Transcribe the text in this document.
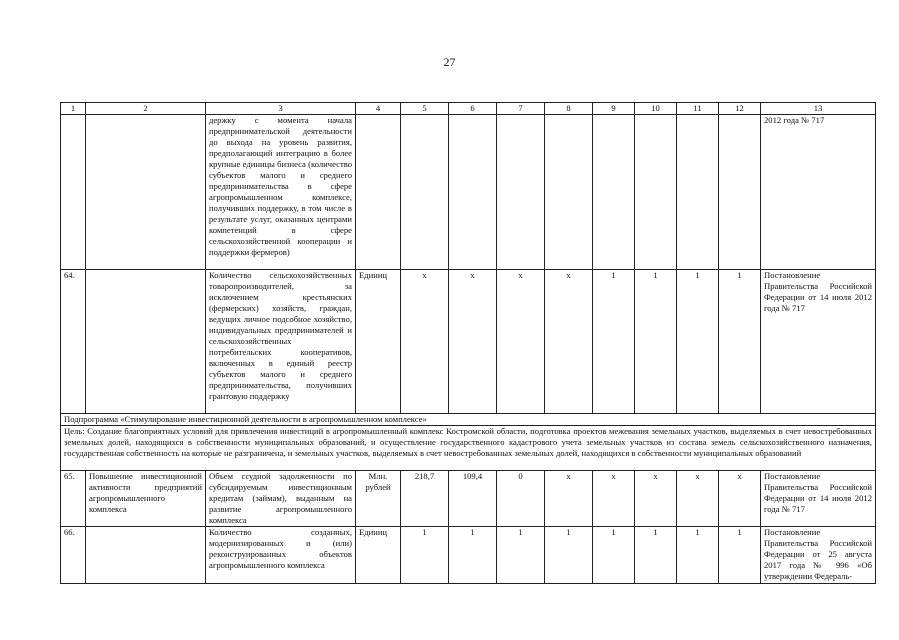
27
1	2	3	4	5	6	7	8	9	10	11	12	13
		держку с момента начала предпринимательской деятельности до выхода на уровень развития, предполагающий интеграцию в более крупные единицы бизнеса (количество субъектов малого и среднего предпринимательства в сфере агропромышленном комплексе, получивших поддержку, в том числе в результате услуг, оказанных центрами компетенций в сфере сельскохозяйственной кооперации и поддержки фермеров)										2012 года № 717
64.		Количество сельскохозяйственных товаропроизводителей, за исключением крестьянских (фермерских) хозяйств, граждан, ведущих личное подсобное хозяйство, индивидуальных предпринимателей и сельскохозяйственных потребительских кооперативов, включенных в единый реестр субъектов малого и среднего предпринимательства, получивших грантовую поддержку	Единиц	х	х	х	х	1	1	1	1	Постановление Правительства Российской Федерации от 14 июля 2012 года № 717
Подпрограмма «Стимулирование инвестиционной деятельности в агропромышленном комплексе»												
Цель: Создание благоприятных условий для привлечения инвестиций в агропромышленный комплекс Костромской области, подготовка проектов межевания земельных участков, выделяемых в счет невостребованных земельных долей, находящихся в собственности муниципальных образований, и осуществление государственного кадастрового учета земельных участков из состава земель сельскохозяйственного назначения, государственная собственность на которые не разграничена, и земельных участков, выделяемых в счет невостребованных земельных долей, находящихся в собственности муниципальных образований												
65.	Повышение инвестиционной активности предприятий агропромышленного комплекса	Объем ссудной задолженности по субсидируемым инвестиционным кредитам (займам), выданным на развитие агропромышленного комплекса	Млн. рублей	218,7	109,4	0	х	х	х	х	х	Постановление Правительства Российской Федерации от 14 июля 2012 года № 717
66.		Количество созданных, модернизированных и (или) реконструированных объектов агропромышленного комплекса	Единиц	1	1	1	1	1	1	1	1	Постановление Правительства Российской Федерации от 25 августа 2017 года № 996 «Об утверждении Федераль-
